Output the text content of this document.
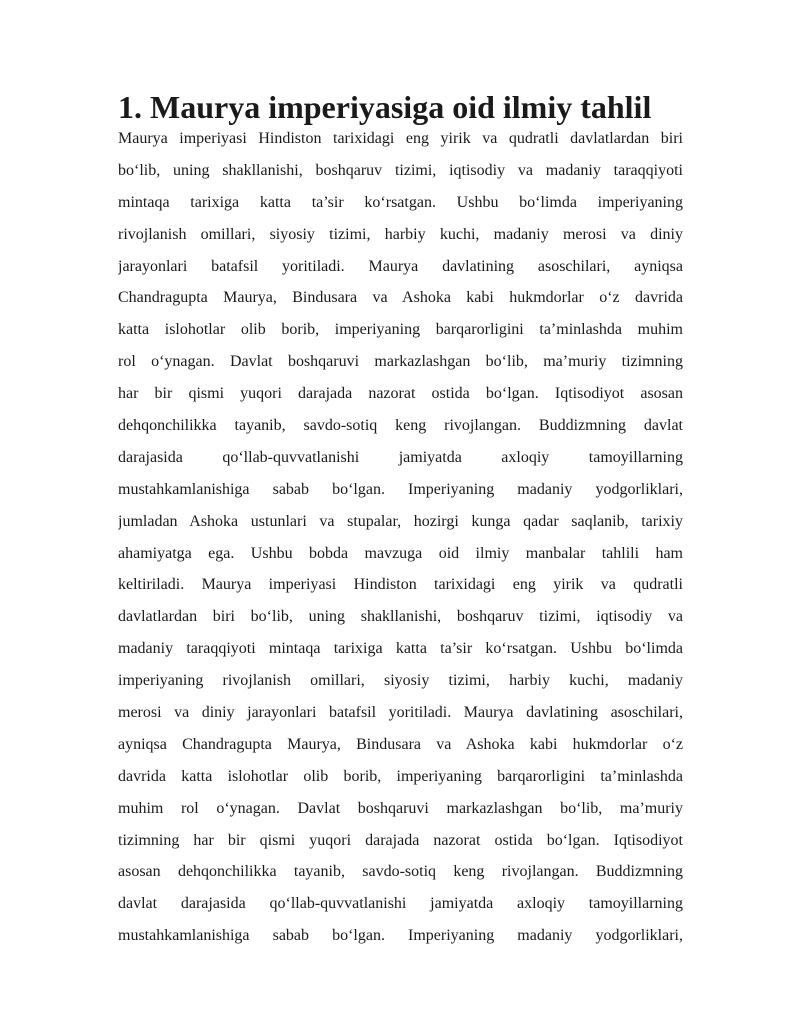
1. Maurya imperiyasiga oid ilmiy tahlil
Maurya imperiyasi Hindiston tarixidagi eng yirik va qudratli davlatlardan biri
bo‘lib, uning shakllanishi, boshqaruv tizimi, iqtisodiy va madaniy taraqqiyoti
mintaqa tarixiga katta ta’sir ko‘rsatgan. Ushbu bo‘limda imperiyaning
rivojlanish omillari, siyosiy tizimi, harbiy kuchi, madaniy merosi va diniy
jarayonlari batafsil yoritiladi. Maurya davlatining asoschilari, ayniqsa
Chandragupta Maurya, Bindusara va Ashoka kabi hukmdorlar o‘z davrida
katta islohotlar olib borib, imperiyaning barqarorligini ta’minlashda muhim
rol o‘ynagan. Davlat boshqaruvi markazlashgan bo‘lib, ma’muriy tizimning
har bir qismi yuqori darajada nazorat ostida bo‘lgan. Iqtisodiyot asosan
dehqonchilikka tayanib, savdo-sotiq keng rivojlangan. Buddizmning davlat
darajasida qo‘llab-quvvatlanishi jamiyatda axloqiy tamoyillarning
mustahkamlanishiga sabab bo‘lgan. Imperiyaning madaniy yodgorliklari,
jumladan Ashoka ustunlari va stupalar, hozirgi kunga qadar saqlanib, tarixiy
ahamiyatga ega. Ushbu bobda mavzuga oid ilmiy manbalar tahlili ham
keltiriladi. Maurya imperiyasi Hindiston tarixidagi eng yirik va qudratli
davlatlardan biri bo‘lib, uning shakllanishi, boshqaruv tizimi, iqtisodiy va
madaniy taraqqiyoti mintaqa tarixiga katta ta’sir ko‘rsatgan. Ushbu bo‘limda
imperiyaning rivojlanish omillari, siyosiy tizimi, harbiy kuchi, madaniy
merosi va diniy jarayonlari batafsil yoritiladi. Maurya davlatining asoschilari,
ayniqsa Chandragupta Maurya, Bindusara va Ashoka kabi hukmdorlar o‘z
davrida katta islohotlar olib borib, imperiyaning barqarorligini ta’minlashda
muhim rol o‘ynagan. Davlat boshqaruvi markazlashgan bo‘lib, ma’muriy
tizimning har bir qismi yuqori darajada nazorat ostida bo‘lgan. Iqtisodiyot
asosan dehqonchilikka tayanib, savdo-sotiq keng rivojlangan. Buddizmning
davlat darajasida qo‘llab-quvvatlanishi jamiyatda axloqiy tamoyillarning
mustahkamlanishiga sabab bo‘lgan. Imperiyaning madaniy yodgorliklari,
